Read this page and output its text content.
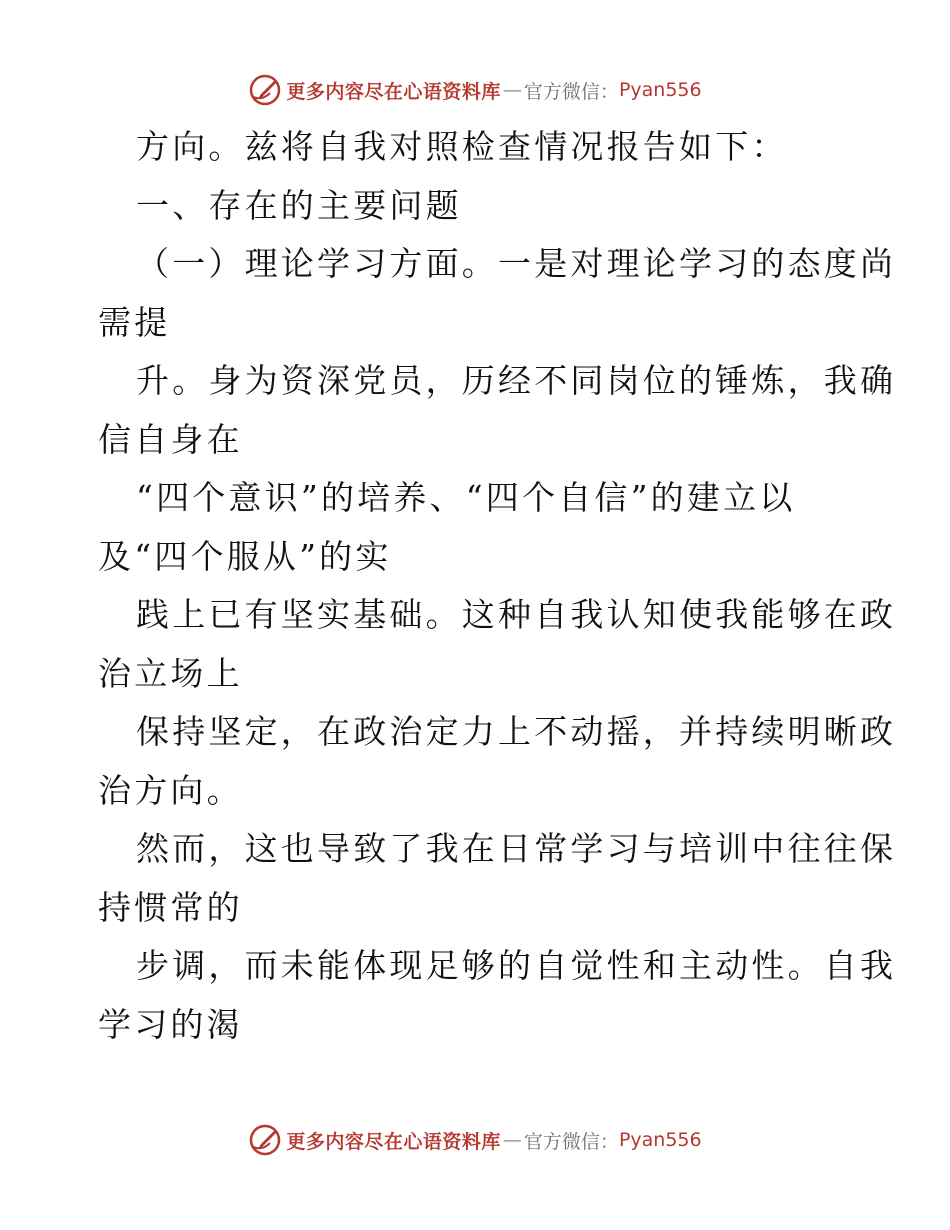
更多内容尽在心语资料库 — 官方微信： Pyan556
方向。兹将自我对照检查情况报告如下：
一、存在的主要问题
（一）理论学习方面。一是对理论学习的态度尚
需提
升。身为资深党员，历经不同岗位的锤炼，我确
信自身在
“四个意识”的培养、“四个自信”的建立以
及“四个服从”的实
践上已有坚实基础。这种自我认知使我能够在政
治立场上
保持坚定，在政治定力上不动摇，并持续明晰政
治方向。
然而，这也导致了我在日常学习与培训中往往保
持惯常的
步调，而未能体现足够的自觉性和主动性。自我
学习的渴
更多内容尽在心语资料库 — 官方微信： Pyan556
